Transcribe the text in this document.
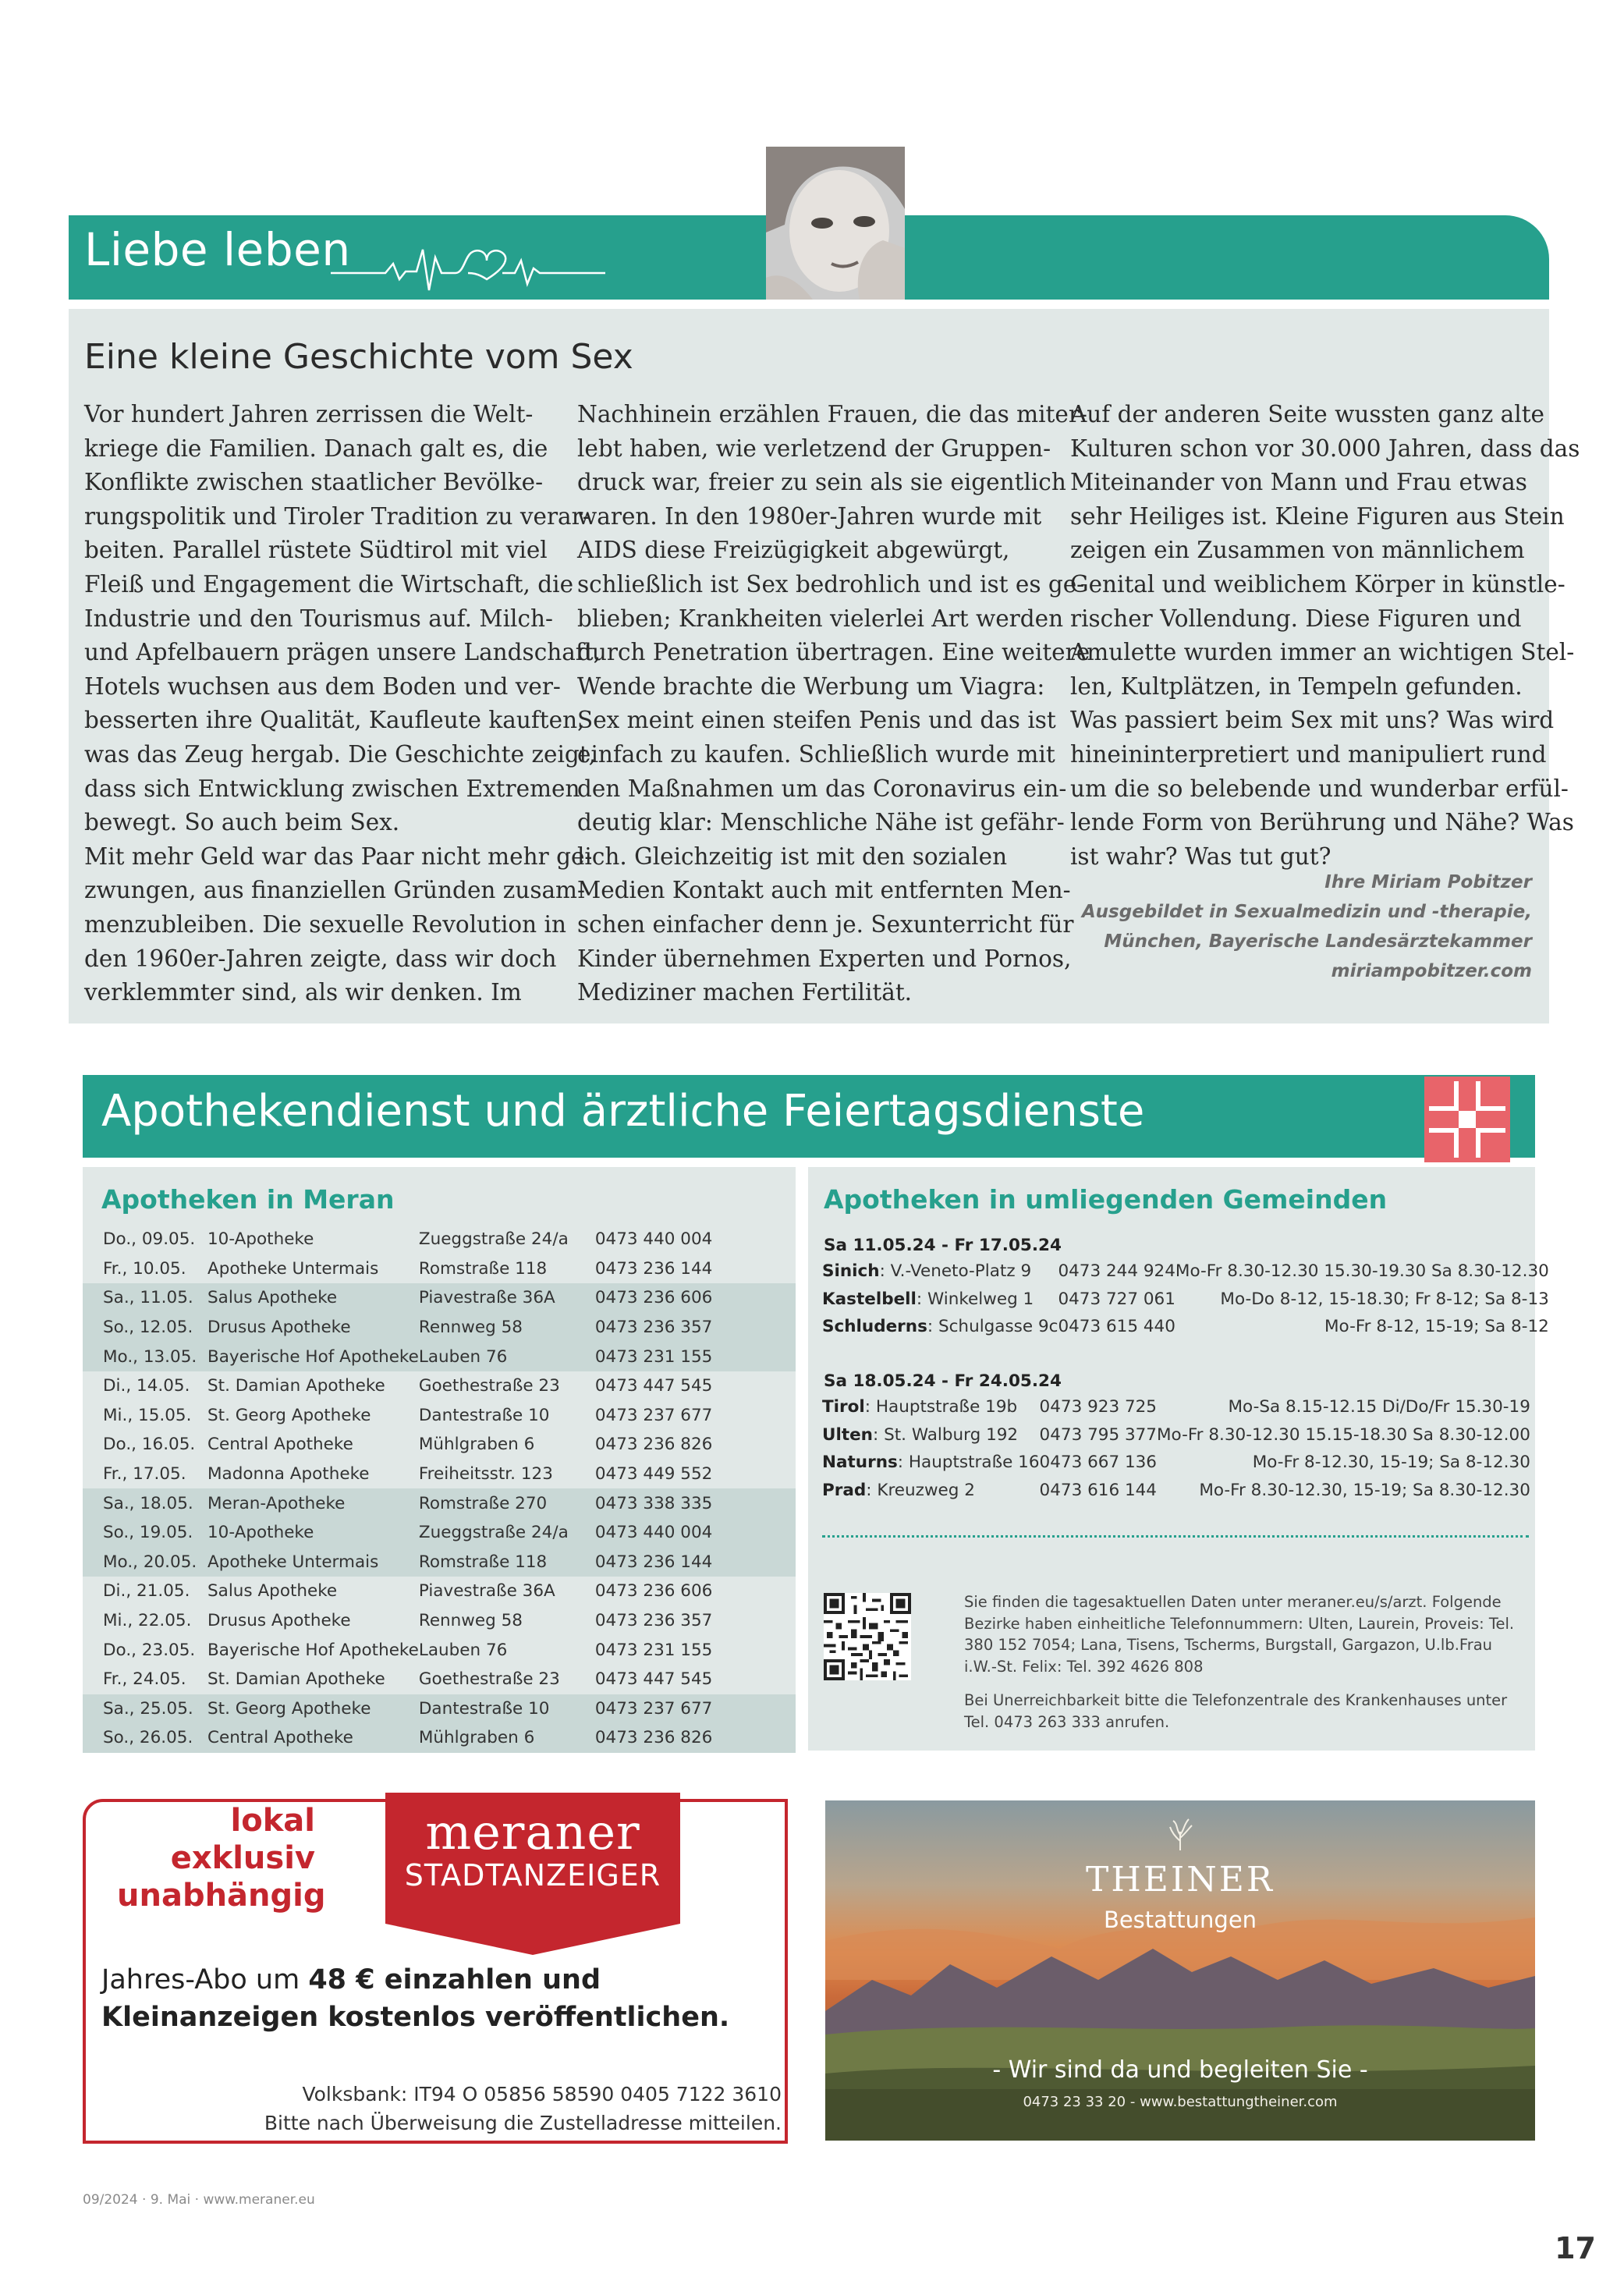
Liebe leben
Eine kleine Geschichte vom Sex
Vor hundert Jahren zerrissen die Welt-
kriege die Familien. Danach galt es, die
Konflikte zwischen staatlicher Bevölke-
rungspolitik und Tiroler Tradition zu verar-
beiten. Parallel rüstete Südtirol mit viel
Fleiß und Engagement die Wirtschaft, die
Industrie und den Tourismus auf. Milch-
und Apfelbauern prägen unsere Landschaft,
Hotels wuchsen aus dem Boden und ver-
besserten ihre Qualität, Kaufleute kauften,
was das Zeug hergab. Die Geschichte zeigt,
dass sich Entwicklung zwischen Extremen
bewegt. So auch beim Sex.
Mit mehr Geld war das Paar nicht mehr ge-
zwungen, aus finanziellen Gründen zusam-
menzubleiben. Die sexuelle Revolution in
den 1960er-Jahren zeigte, dass wir doch
verklemmter sind, als wir denken. Im
Nachhinein erzählen Frauen, die das miter-
lebt haben, wie verletzend der Gruppen-
druck war, freier zu sein als sie eigentlich
waren. In den 1980er-Jahren wurde mit
AIDS diese Freizügigkeit abgewürgt,
schließlich ist Sex bedrohlich und ist es ge-
blieben; Krankheiten vielerlei Art werden
durch Penetration übertragen. Eine weitere
Wende brachte die Werbung um Viagra:
Sex meint einen steifen Penis und das ist
einfach zu kaufen. Schließlich wurde mit
den Maßnahmen um das Coronavirus ein-
deutig klar: Menschliche Nähe ist gefähr-
lich. Gleichzeitig ist mit den sozialen
Medien Kontakt auch mit entfernten Men-
schen einfacher denn je. Sexunterricht für
Kinder übernehmen Experten und Pornos,
Mediziner machen Fertilität.
Auf der anderen Seite wussten ganz alte
Kulturen schon vor 30.000 Jahren, dass das
Miteinander von Mann und Frau etwas
sehr Heiliges ist. Kleine Figuren aus Stein
zeigen ein Zusammen von männlichem
Genital und weiblichem Körper in künstle-
rischer Vollendung. Diese Figuren und
Amulette wurden immer an wichtigen Stel-
len, Kultplätzen, in Tempeln gefunden.
Was passiert beim Sex mit uns? Was wird
hineininterpretiert und manipuliert rund
um die so belebende und wunderbar erfül-
lende Form von Berührung und Nähe? Was
ist wahr? Was tut gut?
Ihre Miriam Pobitzer
Ausgebildet in Sexualmedizin und -therapie,
München, Bayerische Landesärztekammer
miriampobitzer.com
Apothekendienst und ärztliche Feiertagsdienste
Apotheken in Meran	Apotheken in umliegenden Gemeinden
Do., 09.05.	10-Apotheke	Zueggstraße 24/a	0473 440 004
Fr., 10.05.	Apotheke Untermais	Romstraße 118	0473 236 144
Sa., 11.05.	Salus Apotheke	Piavestraße 36A	0473 236 606
So., 12.05.	Drusus Apotheke	Rennweg 58	0473 236 357
Mo., 13.05.	Bayerische Hof Apotheke	Lauben 76	0473 231 155
Di., 14.05.	St. Damian Apotheke	Goethestraße 23	0473 447 545
Mi., 15.05.	St. Georg Apotheke	Dantestraße 10	0473 237 677
Do., 16.05.	Central Apotheke	Mühlgraben 6	0473 236 826
Fr., 17.05.	Madonna Apotheke	Freiheitsstr. 123	0473 449 552
Sa., 18.05.	Meran-Apotheke	Romstraße 270	0473 338 335
So., 19.05.	10-Apotheke	Zueggstraße 24/a	0473 440 004
Mo., 20.05.	Apotheke Untermais	Romstraße 118	0473 236 144
Di., 21.05.	Salus Apotheke	Piavestraße 36A	0473 236 606
Mi., 22.05.	Drusus Apotheke	Rennweg 58	0473 236 357
Do., 23.05.	Bayerische Hof Apotheke	Lauben 76	0473 231 155
Fr., 24.05.	St. Damian Apotheke	Goethestraße 23	0473 447 545
Sa., 25.05.	St. Georg Apotheke	Dantestraße 10	0473 237 677
So., 26.05.	Central Apotheke	Mühlgraben 6	0473 236 826
Sa 11.05.24 - Fr 17.05.24
Sinich: V.-Veneto-Platz 9	0473 244 924	Mo-Fr 8.30-12.30 15.30-19.30 Sa 8.30-12.30
Kastelbell: Winkelweg 1	0473 727 061	Mo-Do 8-12, 15-18.30; Fr 8-12; Sa 8-13
Schluderns: Schulgasse 9c	0473 615 440	Mo-Fr 8-12, 15-19; Sa 8-12
Sa 18.05.24 - Fr 24.05.24
Tirol: Hauptstraße 19b	0473 923 725	Mo-Sa 8.15-12.15 Di/Do/Fr 15.30-19
Ulten: St. Walburg 192	0473 795 377	Mo-Fr 8.30-12.30 15.15-18.30 Sa 8.30-12.00
Naturns: Hauptstraße 16	0473 667 136	Mo-Fr 8-12.30, 15-19; Sa 8-12.30
Prad: Kreuzweg 2	0473 616 144	Mo-Fr 8.30-12.30, 15-19; Sa 8.30-12.30
Sie finden die tagesaktuellen Daten unter meraner.eu/s/arzt. Folgende Bezirke haben einheitliche Telefonnummern: Ulten, Laurein, Proveis: Tel. 380 152 7054; Lana, Tisens, Tscherms, Burgstall, Gargazon, U.lb.Frau i.W.-St. Felix: Tel. 392 4626 808
Bei Unerreichbarkeit bitte die Telefonzentrale des Krankenhauses unter Tel. 0473 263 333 anrufen.
lokal
exklusiv
unabhängig
meraner
STADTANZEIGER
Jahres-Abo um 48 € einzahlen und
Kleinanzeigen kostenlos veröffentlichen.
Volksbank: IT94 O 05856 58590 0405 7122 3610
Bitte nach Überweisung die Zustelladresse mitteilen.
THEINER
Bestattungen
- Wir sind da und begleiten Sie -
0473 23 33 20 - www.bestattungtheiner.com
09/2024 · 9. Mai · www.meraner.eu
17
